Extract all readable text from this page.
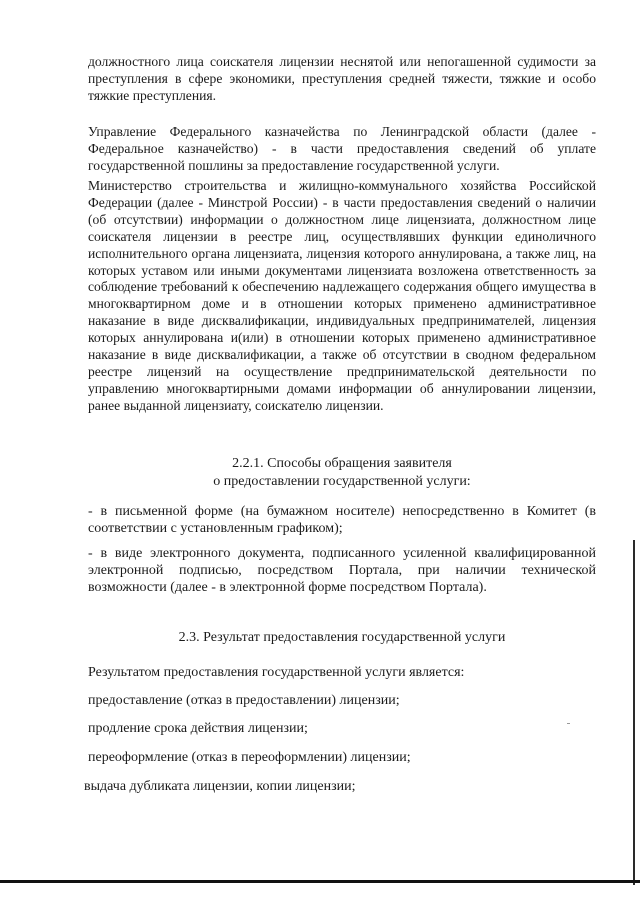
должностного лица соискателя лицензии неснятой или непогашенной судимости за преступления в сфере экономики, преступления средней тяжести, тяжкие и особо тяжкие преступления.

Управление Федерального казначейства по Ленинградской области (далее - Федеральное казначейство) - в части предоставления сведений об уплате государственной пошлины за предоставление государственной услуги.

Министерство строительства и жилищно-коммунального хозяйства Российской Федерации (далее - Минстрой России) - в части предоставления сведений о наличии (об отсутствии) информации о должностном лице лицензиата, должностном лице соискателя лицензии в реестре лиц, осуществлявших функции единоличного исполнительного органа лицензиата, лицензия которого аннулирована, а также лиц, на которых уставом или иными документами лицензиата возложена ответственность за соблюдение требований к обеспечению надлежащего содержания общего имущества в многоквартирном доме и в отношении которых применено административное наказание в виде дисквалификации, индивидуальных предпринимателей, лицензия которых аннулирована и(или) в отношении которых применено административное наказание в виде дисквалификации, а также об отсутствии в сводном федеральном реестре лицензий на осуществление предпринимательской деятельности по управлению многоквартирными домами информации об аннулировании лицензии, ранее выданной лицензиату, соискателю лицензии.

2.2.1. Способы обращения заявителя

о предоставлении государственной услуги:

- в письменной форме (на бумажном носителе) непосредственно в Комитет (в соответствии с установленным графиком);

- в виде электронного документа, подписанного усиленной квалифицированной электронной подписью, посредством Портала, при наличии технической возможности (далее - в электронной форме посредством Портала).

2.3. Результат предоставления государственной услуги

Результатом предоставления государственной услуги является:

предоставление (отказ в предоставлении) лицензии;

продление срока действия лицензии;

переоформление (отказ в переоформлении) лицензии;

выдача дубликата лицензии, копии лицензии;
